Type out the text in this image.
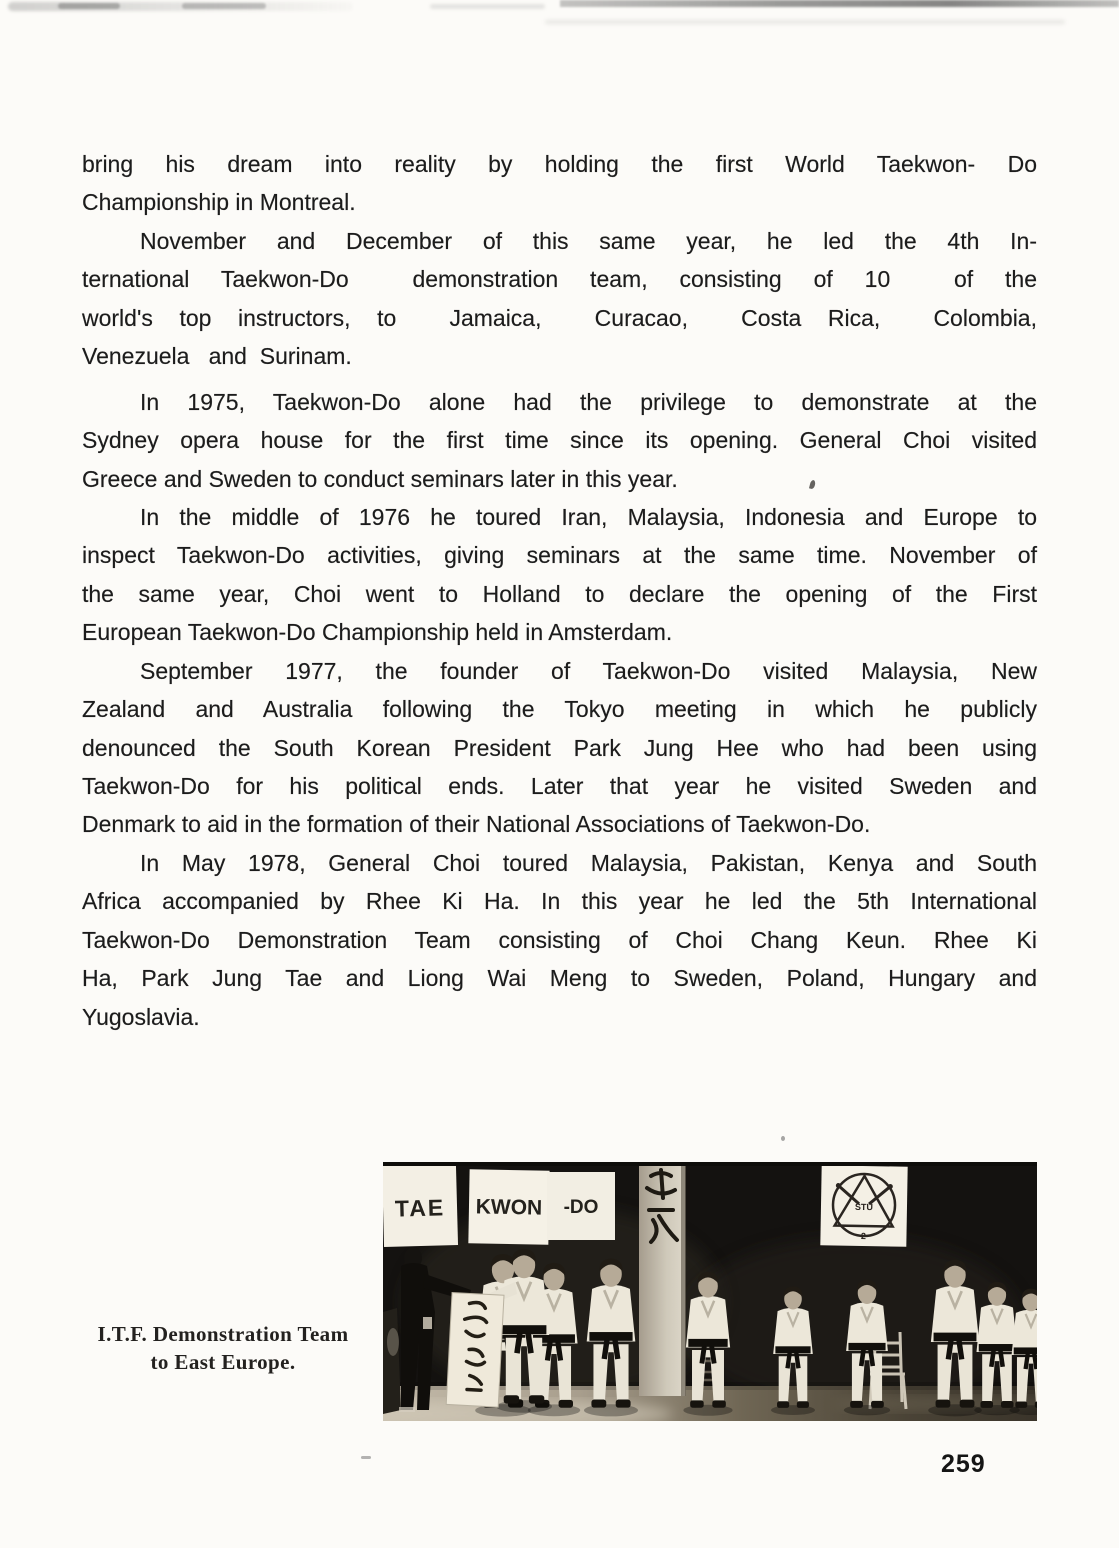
bring his dream into reality by holding the first World Taekwon- Do
Championship in Montreal.
November and December of this same year, he led the 4th In-
ternational Taekwon-Do  demonstration team, consisting of 10  of the
world's top instructors, to  Jamaica,  Curacao,  Costa Rica,  Colombia,
Venezuela   and  Surinam.
In 1975, Taekwon-Do alone had the privilege to demonstrate at the
Sydney opera house for the first time since its opening. General Choi visited
Greece and Sweden to conduct seminars later in this year.
In the middle of 1976 he toured Iran, Malaysia, Indonesia and Europe to
inspect Taekwon-Do activities, giving seminars at the same time. November of
the same year, Choi went to Holland to declare the opening of the First
European Taekwon-Do Championship held in Amsterdam.
September 1977, the founder of Taekwon-Do visited Malaysia, New
Zealand and Australia following the Tokyo meeting in which he publicly
denounced the South Korean President Park Jung Hee who had been using
Taekwon-Do for his political ends. Later that year he visited Sweden and
Denmark to aid in the formation of their National Associations of Taekwon-Do.
In May 1978, General Choi toured Malaysia, Pakistan, Kenya and South
Africa accompanied by Rhee Ki Ha. In this year he led the 5th International
Taekwon-Do Demonstration Team consisting of Choi Chang Keun. Rhee Ki
Ha, Park Jung Tae and Liong Wai Meng to Sweden, Poland, Hungary and
Yugoslavia.
I.T.F. Demonstration Team
to East Europe.
TAE KWON -DO	STU
2
259
